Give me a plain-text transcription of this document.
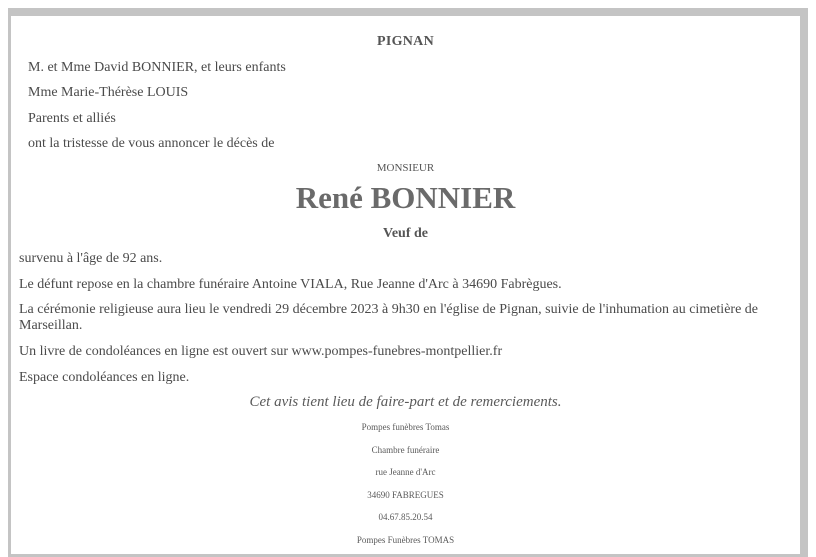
PIGNAN
M. et Mme David BONNIER, et leurs enfants
Mme Marie-Thérèse LOUIS
Parents et alliés
ont la tristesse de vous annoncer le décès de
MONSIEUR
René BONNIER
Veuf de
survenu à l'âge de 92 ans.
Le défunt repose en la chambre funéraire Antoine VIALA, Rue Jeanne d'Arc à 34690 Fabrègues.
La cérémonie religieuse aura lieu le vendredi 29 décembre 2023 à 9h30 en l'église de Pignan, suivie de l'inhumation au cimetière de Marseillan.
Un livre de condoléances en ligne est ouvert sur www.pompes-funebres-montpellier.fr
Espace condoléances en ligne.
Cet avis tient lieu de faire-part et de remerciements.
Pompes funèbres Tomas
Chambre funéraire
rue Jeanne d'Arc
34690 FABREGUES
04.67.85.20.54
Pompes Funèbres TOMAS
